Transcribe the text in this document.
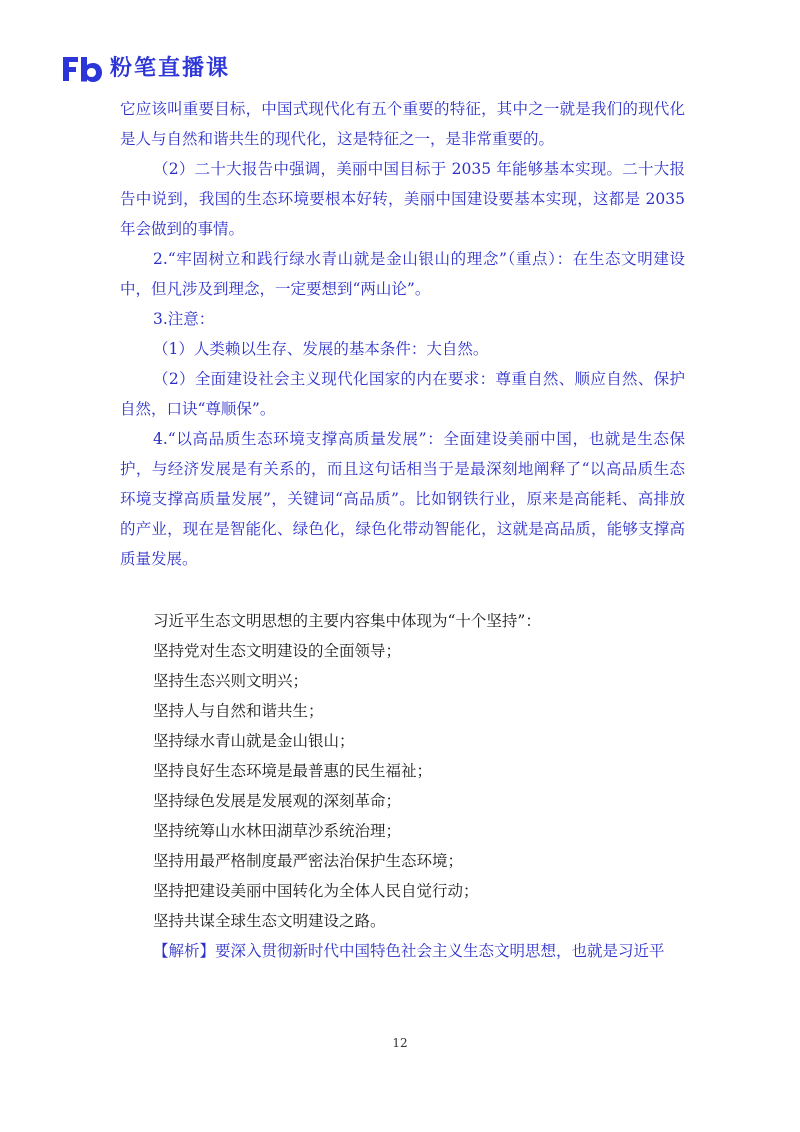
粉笔直播课

它应该叫重要目标，中国式现代化有五个重要的特征，其中之一就是我们的现代化是人与自然和谐共生的现代化，这是特征之一，是非常重要的。

（2）二十大报告中强调，美丽中国目标于 2035 年能够基本实现。二十大报告中说到，我国的生态环境要根本好转，美丽中国建设要基本实现，这都是 2035 年会做到的事情。

2.“牢固树立和践行绿水青山就是金山银山的理念”（重点）：在生态文明建设中，但凡涉及到理念，一定要想到“两山论”。

3.注意：

（1）人类赖以生存、发展的基本条件：大自然。

（2）全面建设社会主义现代化国家的内在要求：尊重自然、顺应自然、保护自然，口诀“尊顺保”。

4.“以高品质生态环境支撑高质量发展”：全面建设美丽中国，也就是生态保护，与经济发展是有关系的，而且这句话相当于是最深刻地阐释了“以高品质生态环境支撑高质量发展”，关键词“高品质”。比如钢铁行业，原来是高能耗、高排放的产业，现在是智能化、绿色化，绿色化带动智能化，这就是高品质，能够支撑高质量发展。

习近平生态文明思想的主要内容集中体现为“十个坚持”：

坚持党对生态文明建设的全面领导；

坚持生态兴则文明兴；

坚持人与自然和谐共生；

坚持绿水青山就是金山银山；

坚持良好生态环境是最普惠的民生福祉；

坚持绿色发展是发展观的深刻革命；

坚持统筹山水林田湖草沙系统治理；

坚持用最严格制度最严密法治保护生态环境；

坚持把建设美丽中国转化为全体人民自觉行动；

坚持共谋全球生态文明建设之路。

【解析】要深入贯彻新时代中国特色社会主义生态文明思想，也就是习近平

12
